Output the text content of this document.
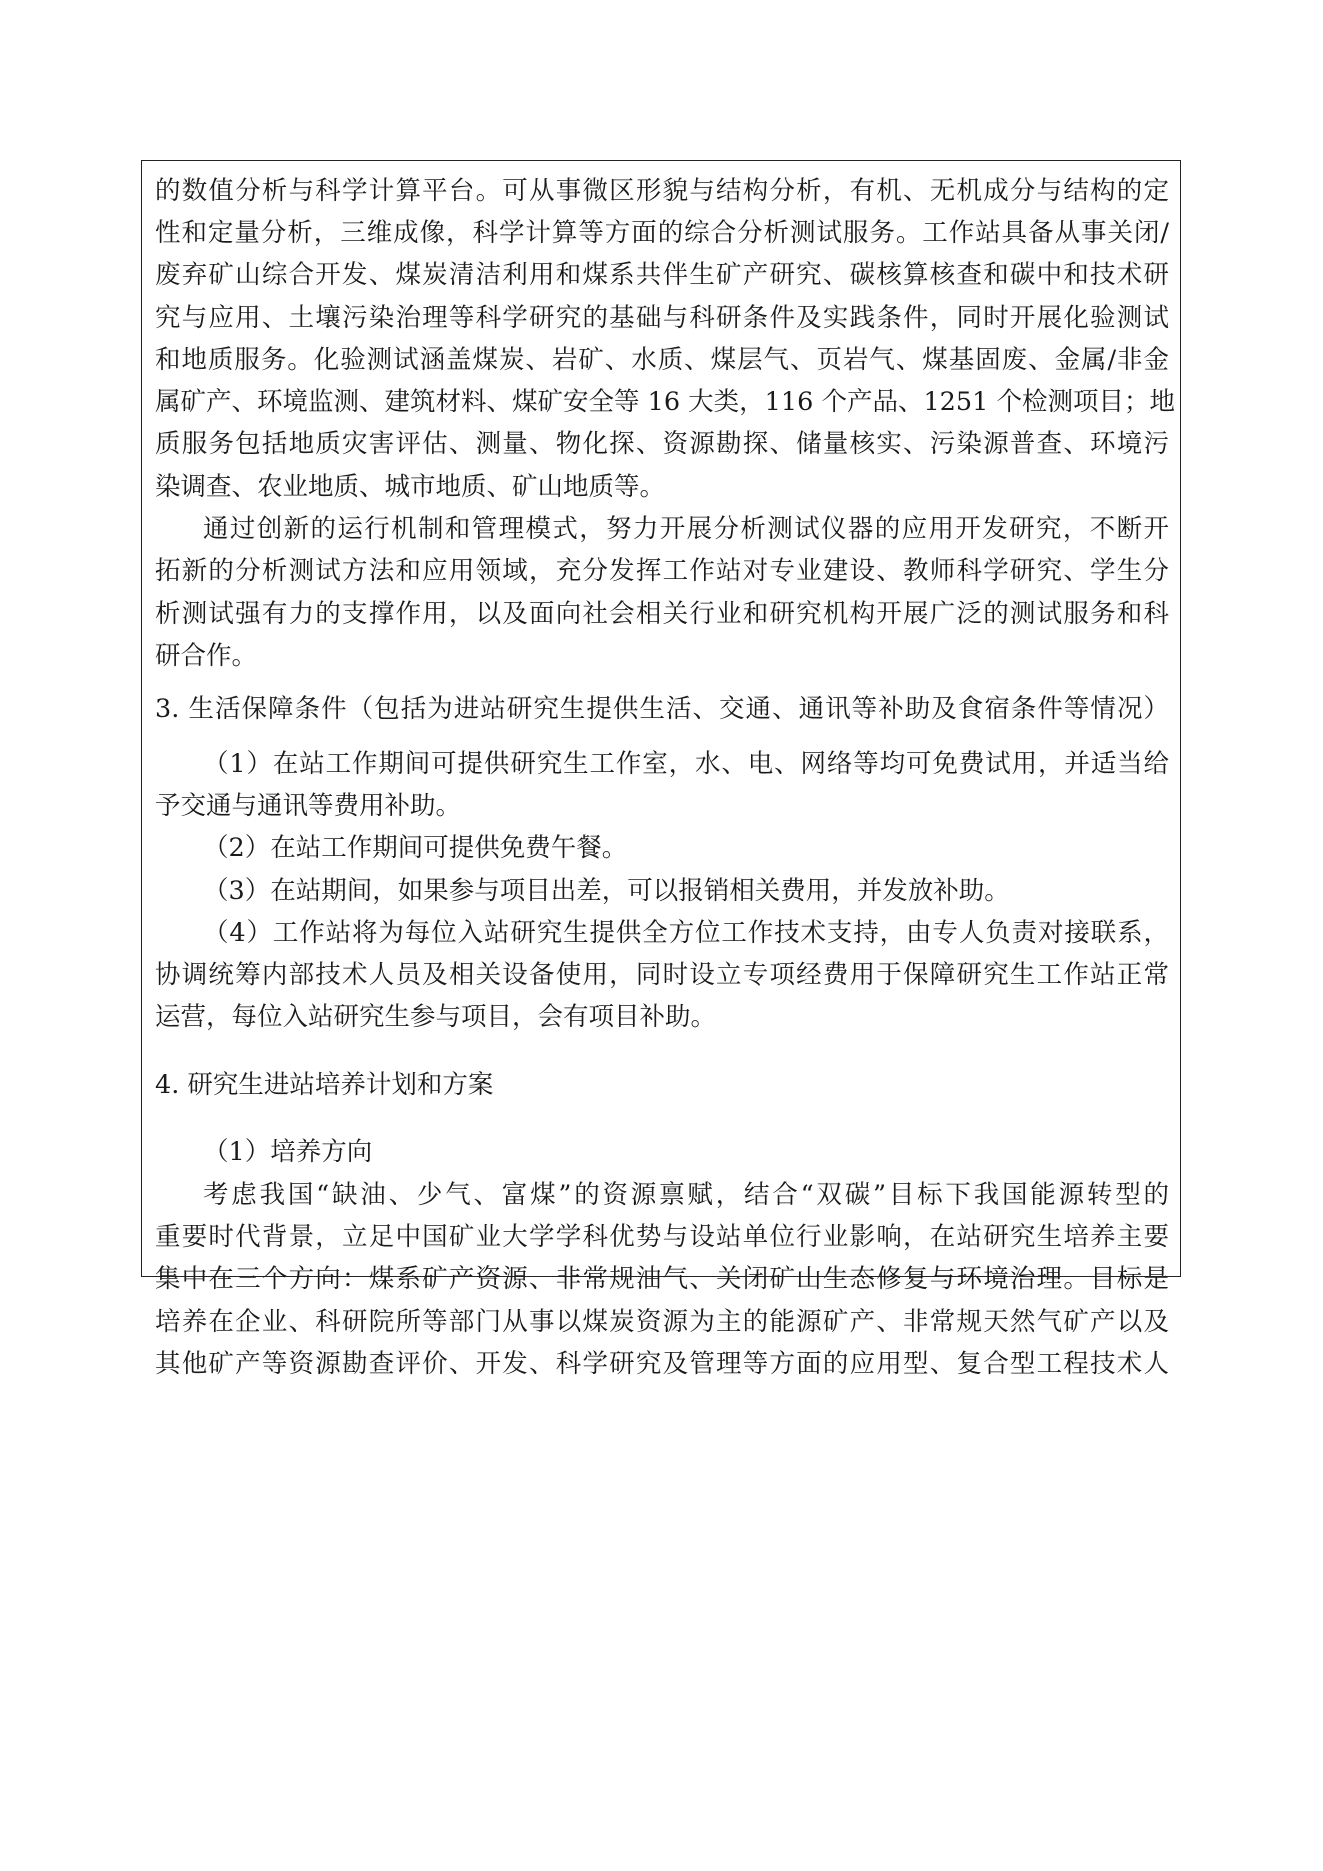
的数值分析与科学计算平台。可从事微区形貌与结构分析，有机、无机成分与结构的定

性和定量分析，三维成像，科学计算等方面的综合分析测试服务。工作站具备从事关闭/

废弃矿山综合开发、煤炭清洁利用和煤系共伴生矿产研究、碳核算核查和碳中和技术研

究与应用、土壤污染治理等科学研究的基础与科研条件及实践条件，同时开展化验测试

和地质服务。化验测试涵盖煤炭、岩矿、水质、煤层气、页岩气、煤基固废、金属/非金

属矿产、环境监测、建筑材料、煤矿安全等 16 大类，116 个产品、1251 个检测项目；地

质服务包括地质灾害评估、测量、物化探、资源勘探、储量核实、污染源普查、环境污

染调查、农业地质、城市地质、矿山地质等。

通过创新的运行机制和管理模式，努力开展分析测试仪器的应用开发研究，不断开

拓新的分析测试方法和应用领域，充分发挥工作站对专业建设、教师科学研究、学生分

析测试强有力的支撑作用，以及面向社会相关行业和研究机构开展广泛的测试服务和科

研合作。

3. 生活保障条件（包括为进站研究生提供生活、交通、通讯等补助及食宿条件等情况）

（1）在站工作期间可提供研究生工作室，水、电、网络等均可免费试用，并适当给

予交通与通讯等费用补助。

（2）在站工作期间可提供免费午餐。

（3）在站期间，如果参与项目出差，可以报销相关费用，并发放补助。

（4）工作站将为每位入站研究生提供全方位工作技术支持，由专人负责对接联系，

协调统筹内部技术人员及相关设备使用，同时设立专项经费用于保障研究生工作站正常

运营，每位入站研究生参与项目，会有项目补助。

4. 研究生进站培养计划和方案

（1）培养方向

考虑我国“缺油、少气、富煤”的资源禀赋，结合“双碳”目标下我国能源转型的

重要时代背景，立足中国矿业大学学科优势与设站单位行业影响，在站研究生培养主要

集中在三个方向：煤系矿产资源、非常规油气、关闭矿山生态修复与环境治理。目标是

培养在企业、科研院所等部门从事以煤炭资源为主的能源矿产、非常规天然气矿产以及

其他矿产等资源勘查评价、开发、科学研究及管理等方面的应用型、复合型工程技术人
